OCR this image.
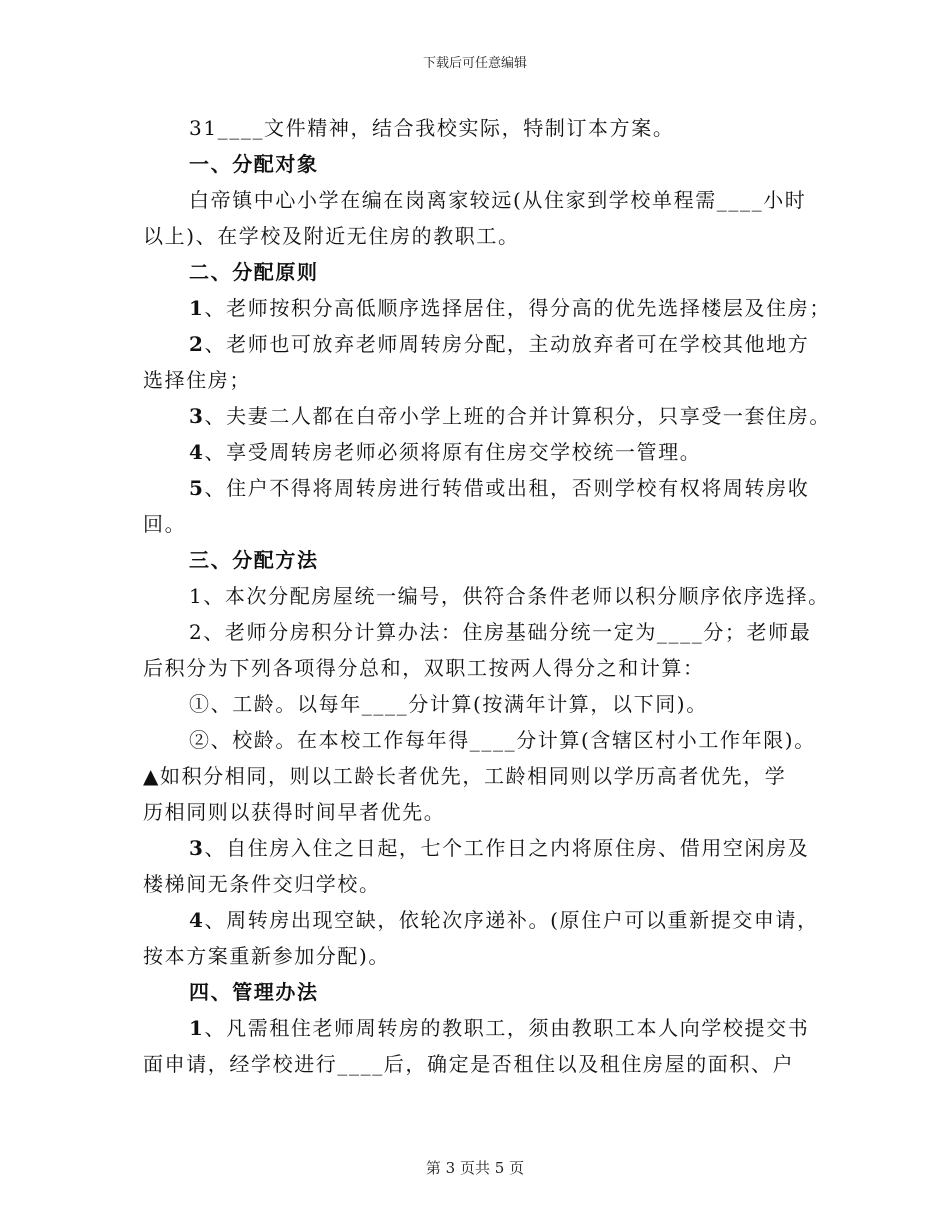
下载后可任意编辑
31____文件精神，结合我校实际，特制订本方案。
一、分配对象
白帝镇中心小学在编在岗离家较远(从住家到学校单程需____小时
以上)、在学校及附近无住房的教职工。
二、分配原则
1、老师按积分高低顺序选择居住，得分高的优先选择楼层及住房；
2、老师也可放弃老师周转房分配，主动放弃者可在学校其他地方
选择住房；
3、夫妻二人都在白帝小学上班的合并计算积分，只享受一套住房。
4、享受周转房老师必须将原有住房交学校统一管理。
5、住户不得将周转房进行转借或出租，否则学校有权将周转房收
回。
三、分配方法
1、本次分配房屋统一编号，供符合条件老师以积分顺序依序选择。
2、老师分房积分计算办法：住房基础分统一定为____分；老师最
后积分为下列各项得分总和，双职工按两人得分之和计算：
①、工龄。以每年____分计算(按满年计算，以下同)。
②、校龄。在本校工作每年得____分计算(含辖区村小工作年限)。
▲如积分相同，则以工龄长者优先，工龄相同则以学历高者优先，学
历相同则以获得时间早者优先。
3、自住房入住之日起，七个工作日之内将原住房、借用空闲房及
楼梯间无条件交归学校。
4、周转房出现空缺，依轮次序递补。(原住户可以重新提交申请，
按本方案重新参加分配)。
四、管理办法
1、凡需租住老师周转房的教职工，须由教职工本人向学校提交书
面申请，经学校进行____后，确定是否租住以及租住房屋的面积、户
第 3 页共 5 页
